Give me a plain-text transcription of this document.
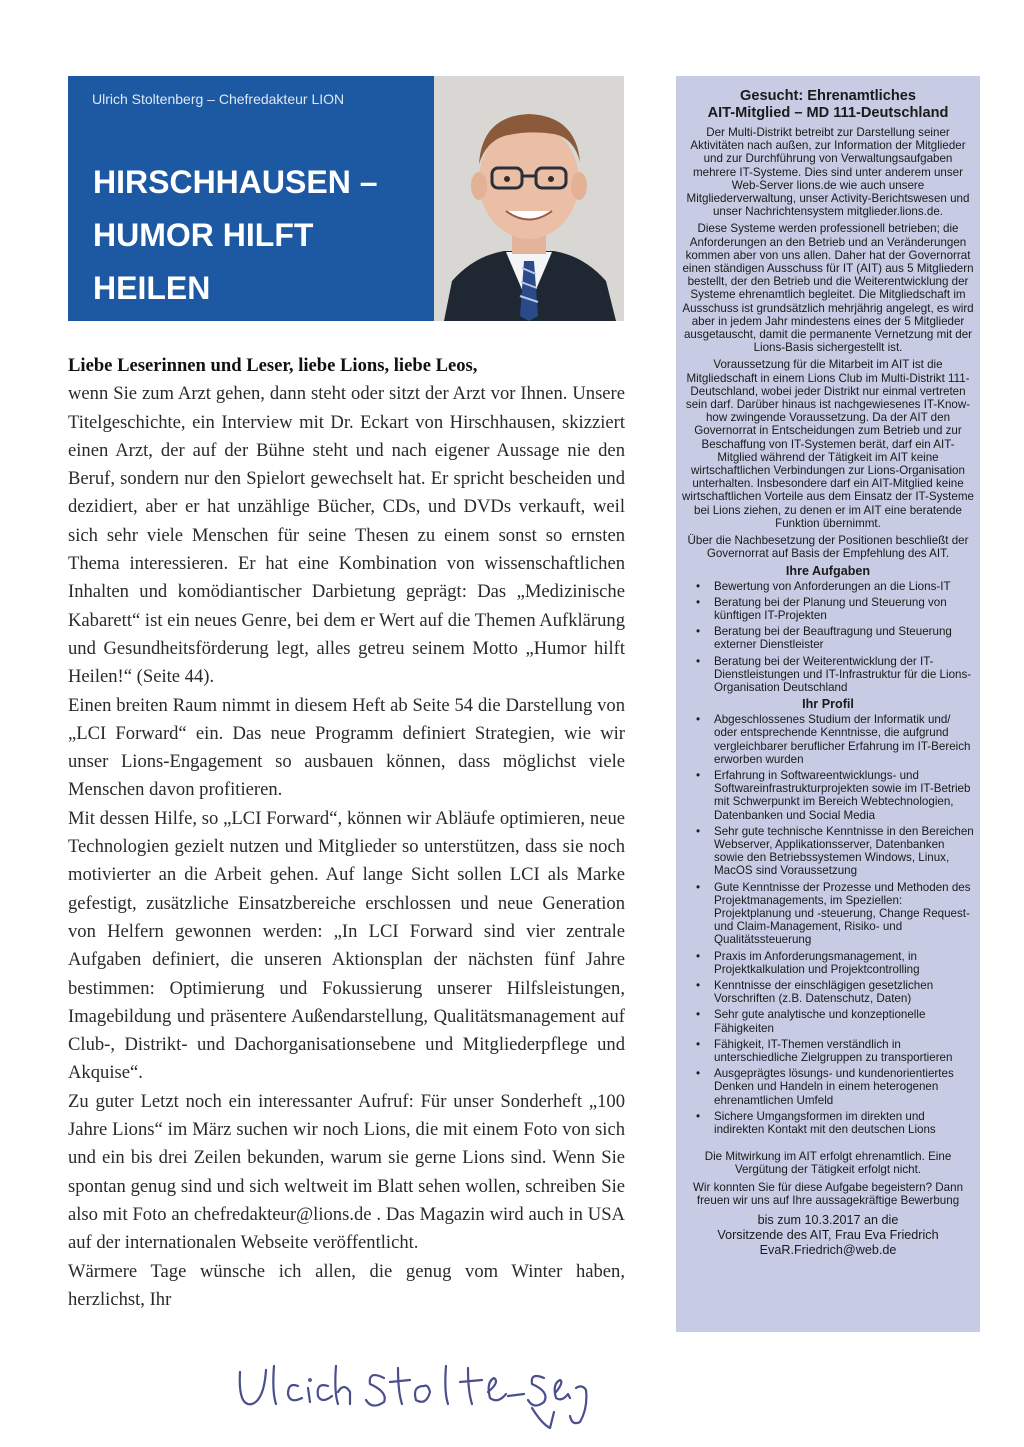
Ulrich Stoltenberg – Chefredakteur LION
HIRSCHHAUSEN –
HUMOR HILFT
HEILEN

Liebe Leserinnen und Leser, liebe Lions, liebe Leos,

wenn Sie zum Arzt gehen, dann steht oder sitzt der Arzt vor Ihnen. Unsere Titelgeschichte, ein Interview mit Dr. Eckart von Hirschhausen, skizziert einen Arzt, der auf der Bühne steht und nach eigener Aussage nie den Beruf, sondern nur den Spielort gewechselt hat. Er spricht bescheiden und dezidiert, aber er hat unzählige Bücher, CDs, und DVDs verkauft, weil sich sehr viele Menschen für seine Thesen zu einem sonst so ernsten Thema interessieren. Er hat eine Kombination von wissenschaftlichen Inhalten und komödiantischer Darbietung geprägt: Das „Medizinische Kabarett“ ist ein neues Genre, bei dem er Wert auf die Themen Aufklärung und Gesundheitsförderung legt, alles getreu seinem Motto „Humor hilft Heilen!“ (Seite 44).

Einen breiten Raum nimmt in diesem Heft ab Seite 54 die Darstellung von „LCI Forward“ ein. Das neue Programm definiert Strategien, wie wir unser Lions-Engagement so ausbauen können, dass möglichst viele Menschen davon profitieren.

Mit dessen Hilfe, so „LCI Forward“, können wir Abläufe optimieren, neue Technologien gezielt nutzen und Mitglieder so unterstützen, dass sie noch motivierter an die Arbeit gehen. Auf lange Sicht sollen LCI als Marke gefestigt, zusätzliche Einsatzbereiche erschlossen und neue Generation von Helfern gewonnen werden: „In LCI Forward sind vier zentrale Aufgaben definiert, die unseren Aktionsplan der nächsten fünf Jahre bestimmen: Optimierung und Fokussierung unserer Hilfsleistungen, Imagebildung und präsentere Außendarstellung, Qualitätsmanagement auf Club-, Distrikt- und Dachorganisationsebene und Mitgliederpflege und Akquise“.

Zu guter Letzt noch ein interessanter Aufruf: Für unser Sonderheft „100 Jahre Lions“ im März suchen wir noch Lions, die mit einem Foto von sich und ein bis drei Zeilen bekunden, warum sie gerne Lions sind. Wenn Sie spontan genug sind und sich weltweit im Blatt sehen wollen, schreiben Sie also mit Foto an chefredakteur@lions.de . Das Magazin wird auch in USA auf der internationalen Webseite veröffentlicht.

Wärmere Tage wünsche ich allen, die genug vom Winter haben, herzlichst, Ihr

Gesucht: Ehrenamtliches
AIT-Mitglied – MD 111-Deutschland

Der Multi-Distrikt betreibt zur Darstellung seiner Aktivitäten nach außen, zur Information der Mitglieder und zur Durchführung von Verwaltungsaufgaben mehrere IT-Systeme. Dies sind unter anderem unser Web-Server lions.de wie auch unsere Mitgliederverwaltung, unser Activity-Berichtswesen und unser Nachrichtensystem mitglieder.lions.de.

Diese Systeme werden professionell betrieben; die Anforderungen an den Betrieb und an Veränderungen kommen aber von uns allen. Daher hat der Governorrat einen ständigen Ausschuss für IT (AIT) aus 5 Mitgliedern bestellt, der den Betrieb und die Weiterentwicklung der Systeme ehrenamtlich begleitet. Die Mitgliedschaft im Ausschuss ist grundsätzlich mehrjährig angelegt, es wird aber in jedem Jahr mindestens eines der 5 Mitglieder ausgetauscht, damit die permanente Vernetzung mit der Lions-Basis sichergestellt ist.

Voraussetzung für die Mitarbeit im AIT ist die Mitgliedschaft in einem Lions Club im Multi-Distrikt 111-Deutschland, wobei jeder Distrikt nur einmal vertreten sein darf. Darüber hinaus ist nachgewiesenes IT-Know-how zwingende Voraussetzung. Da der AIT den Governorrat in Entscheidungen zum Betrieb und zur Beschaffung von IT-Systemen berät, darf ein AIT-Mitglied während der Tätigkeit im AIT keine wirtschaftlichen Verbindungen zur Lions-Organisation unterhalten. Insbesondere darf ein AIT-Mitglied keine wirtschaftlichen Vorteile aus dem Einsatz der IT-Systeme bei Lions ziehen, zu denen er im AIT eine beratende Funktion übernimmt.

Über die Nachbesetzung der Positionen beschließt der Governorrat auf Basis der Empfehlung des AIT.

Ihre Aufgaben

• Bewertung von Anforderungen an die Lions-IT
• Beratung bei der Planung und Steuerung von künftigen IT-Projekten
• Beratung bei der Beauftragung und Steuerung externer Dienstleister
• Beratung bei der Weiterentwicklung der IT-Dienstleistungen und IT-Infrastruktur für die Lions-Organisation Deutschland

Ihr Profil

• Abgeschlossenes Studium der Informatik und/ oder entsprechende Kenntnisse, die aufgrund vergleichbarer beruflicher Erfahrung im IT-Bereich erworben wurden
• Erfahrung in Softwareentwicklungs- und Softwareinfrastrukturprojekten sowie im IT-Betrieb mit Schwerpunkt im Bereich Webtechnologien, Datenbanken und Social Media
• Sehr gute technische Kenntnisse in den Bereichen Webserver, Applikationsserver, Datenbanken sowie den Betriebssystemen Windows, Linux, MacOS sind Voraussetzung
• Gute Kenntnisse der Prozesse und Methoden des Projektmanagements, im Speziellen: Projektplanung und -steuerung, Change Request- und Claim-Management, Risiko- und Qualitätssteuerung
• Praxis im Anforderungsmanagement, in Projektkalkulation und Projektcontrolling
• Kenntnisse der einschlägigen gesetzlichen Vorschriften (z.B. Datenschutz, Daten)
• Sehr gute analytische und konzeptionelle Fähigkeiten
• Fähigkeit, IT-Themen verständlich in unterschiedliche Zielgruppen zu transportieren
• Ausgeprägtes lösungs- und kundenorientiertes Denken und Handeln in einem heterogenen ehrenamtlichen Umfeld
• Sichere Umgangsformen im direkten und indirekten Kontakt mit den deutschen Lions

Die Mitwirkung im AIT erfolgt ehrenamtlich. Eine Vergütung der Tätigkeit erfolgt nicht.

Wir konnten Sie für diese Aufgabe begeistern? Dann freuen wir uns auf Ihre aussagekräftige Bewerbung

bis zum 10.3.2017 an die
Vorsitzende des AIT, Frau Eva Friedrich
EvaR.Friedrich@web.de
